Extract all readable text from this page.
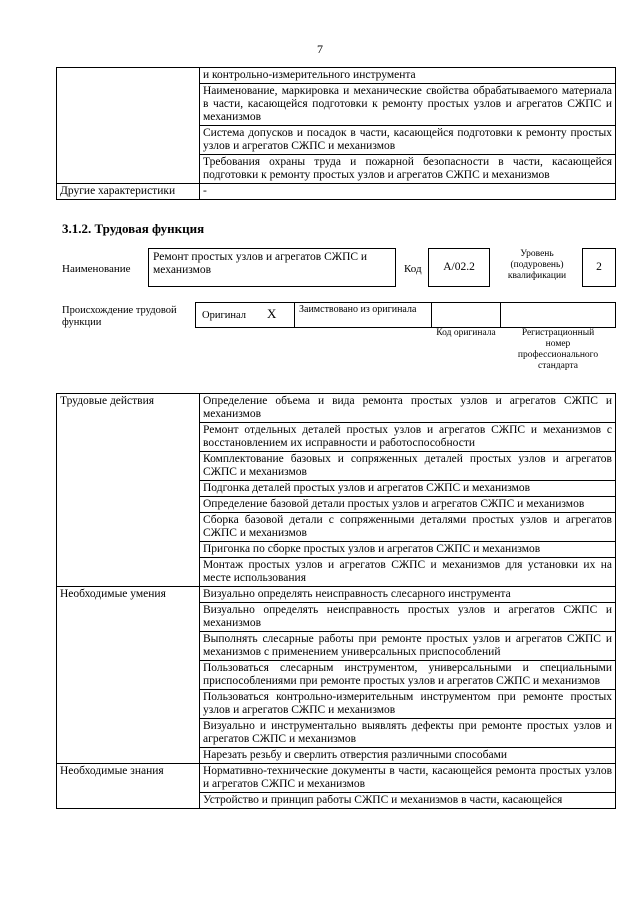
7
	и контрольно-измерительного инструмента
	Наименование, маркировка и механические свойства обрабатываемого материала в части, касающейся подготовки к ремонту простых узлов и агрегатов СЖПС и механизмов
	Система допусков и посадок в части, касающейся подготовки к ремонту простых узлов и агрегатов СЖПС и механизмов
	Требования охраны труда и пожарной безопасности в части, касающейся подготовки к ремонту простых узлов и агрегатов СЖПС и механизмов
Другие характеристики	-
3.1.2. Трудовая функция
Наименование
Ремонт простых узлов и агрегатов СЖПС и механизмов	Код A/02.2
Уровень (подуровень) квалификации
2
Происхождение трудовой функции
Оригинал X	Заимствовано из оригинала
Код оригинала	Регистрационный номер профессионального стандарта
Трудовые действия	Определение объема и вида ремонта простых узлов и агрегатов СЖПС и механизмов
	Ремонт отдельных деталей простых узлов и агрегатов СЖПС и механизмов с восстановлением их исправности и работоспособности
	Комплектование базовых и сопряженных деталей простых узлов и агрегатов СЖПС и механизмов
	Подгонка деталей простых узлов и агрегатов СЖПС и механизмов
	Определение базовой детали простых узлов и агрегатов СЖПС и механизмов
	Сборка базовой детали с сопряженными деталями простых узлов и агрегатов СЖПС и механизмов
	Пригонка по сборке простых узлов и агрегатов СЖПС и механизмов
	Монтаж простых узлов и агрегатов СЖПС и механизмов для установки их на месте использования
Необходимые умения	Визуально определять неисправность слесарного инструмента
	Визуально определять неисправность простых узлов и агрегатов СЖПС и механизмов
	Выполнять слесарные работы при ремонте простых узлов и агрегатов СЖПС и механизмов с применением универсальных приспособлений
	Пользоваться слесарным инструментом, универсальными и специальными приспособлениями при ремонте простых узлов и агрегатов СЖПС и механизмов
	Пользоваться контрольно-измерительным инструментом при ремонте простых узлов и агрегатов СЖПС и механизмов
	Визуально и инструментально выявлять дефекты при ремонте простых узлов и агрегатов СЖПС и механизмов
	Нарезать резьбу и сверлить отверстия различными способами
Необходимые знания	Нормативно-технические документы в части, касающейся ремонта простых узлов и агрегатов СЖПС и механизмов
	Устройство и принцип работы СЖПС и механизмов в части, касающейся
